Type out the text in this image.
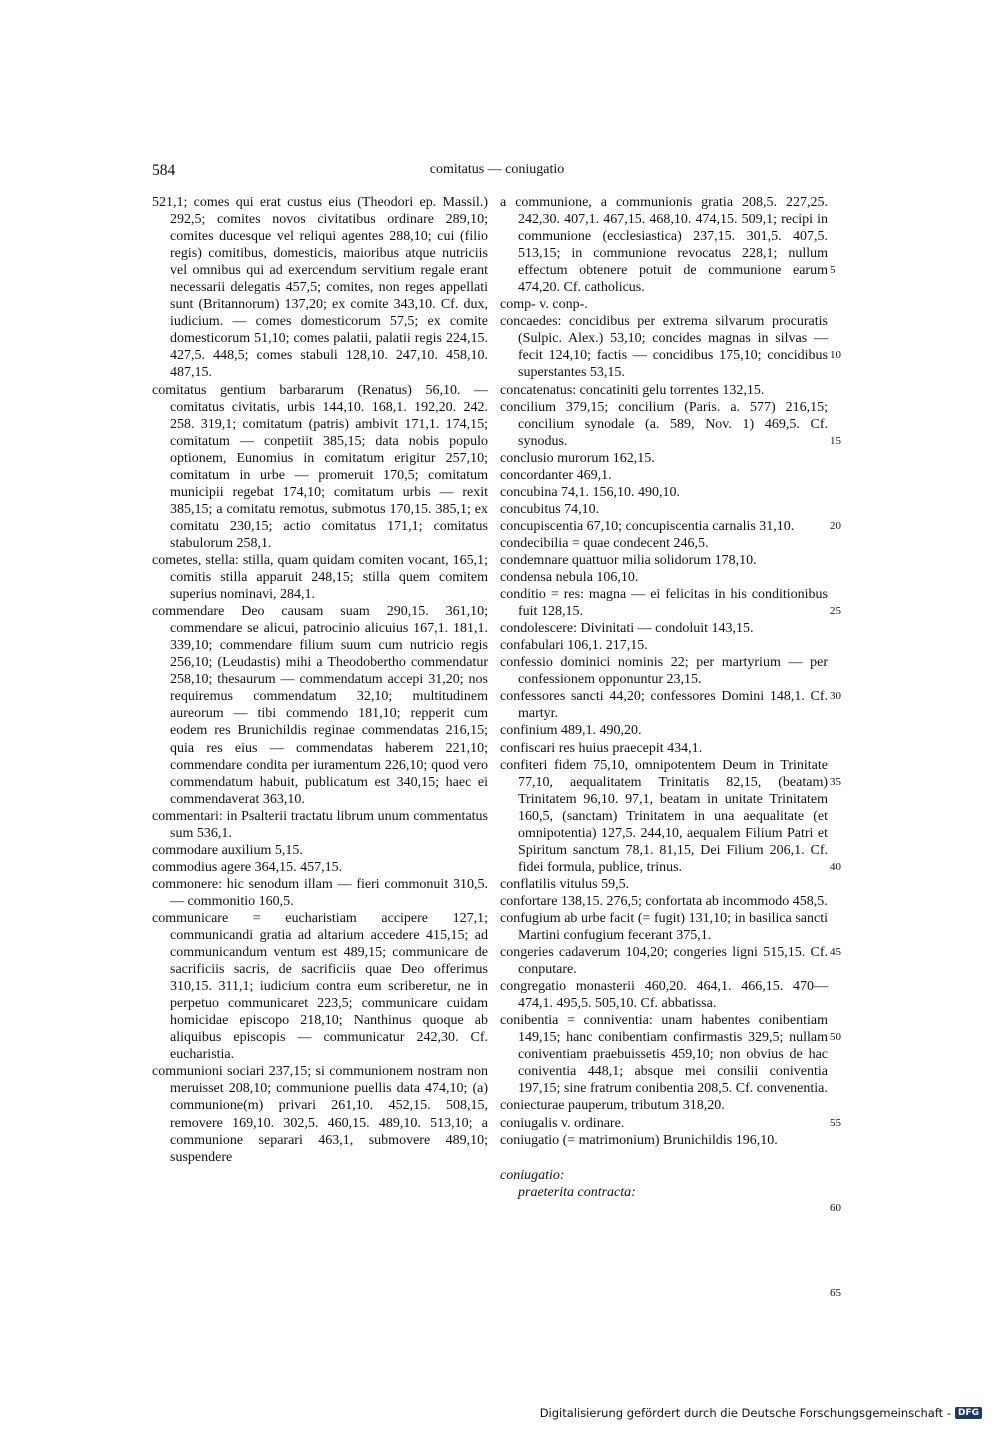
584	comitatus — coniugatio

521,1; comes qui erat custus eius (Theodori ep. Massil.) 292,5; comites novos civitatibus ordinare 289,10; comites ducesque vel reliqui agentes 288,10; cui (filio regis) comitibus, domesticis, maioribus atque nutriciis vel omnibus qui ad exercendum servitium regale erant necessarii delegatis 457,5; comites, non reges appellati sunt (Britannorum) 137,20; ex comite 343,10. Cf. dux, iudicium. — comes domesticorum 57,5; ex comite domesticorum 51,10; comes palatii, palatii regis 224,15. 427,5. 448,5; comes stabuli 128,10. 247,10. 458,10. 487,15.

comitatus gentium barbararum (Renatus) 56,10. — comitatus civitatis, urbis 144,10. 168,1. 192,20. 242. 258. 319,1; comitatum (patris) ambivit 171,1. 174,15; comitatum — conpetiit 385,15; data nobis populo optionem, Eunomius in comitatum erigitur 257,10; comitatum in urbe — promeruit 170,5; comitatum municipii regebat 174,10; comitatum urbis — rexit 385,15; a comitatu remotus, submotus 170,15. 385,1; ex comitatu 230,15; actio comitatus 171,1; comitatus stabulorum 258,1.

cometes, stella: stilla, quam quidam comiten vocant, 165,1; comitis stilla apparuit 248,15; stilla quem comitem superius nominavi, 284,1.

commendare Deo causam suam 290,15. 361,10; commendare se alicui, patrocinio alicuius 167,1. 181,1. 339,10; commendare filium suum cum nutricio regis 256,10; (Leudastis) mihi a Theodobertho commendatur 258,10; thesaurum — commendatum accepi 31,20; nos requiremus commendatum 32,10; multitudinem aureorum — tibi commendo 181,10; repperit cum eodem res Brunichildis reginae commendatas 216,15; quia res eius — commendatas haberem 221,10; commendare condita per iuramentum 226,10; quod vero commendatum habuit, publicatum est 340,15; haec ei commendaverat 363,10.

commentari: in Psalterii tractatu librum unum commentatus sum 536,1.

commodare auxilium 5,15.

commodius agere 364,15. 457,15.

commonere: hic senodum illam — fieri commonuit 310,5. — commonitio 160,5.

communicare = eucharistiam accipere 127,1; communicandi gratia ad altarium accedere 415,15; ad communicandum ventum est 489,15; communicare de sacrificiis sacris, de sacrificiis quae Deo offerimus 310,15. 311,1; iudicium contra eum scriberetur, ne in perpetuo communicaret 223,5; communicare cuidam homicidae episcopo 218,10; Nanthinus quoque ab aliquibus episcopis — communicatur 242,30. Cf. eucharistia.

communioni sociari 237,15; si communionem nostram non meruisset 208,10; communione puellis data 474,10; (a) communione(m) privari 261,10. 452,15. 508,15, removere 169,10. 302,5. 460,15. 489,10. 513,10; a communione separari 463,1, submovere 489,10; suspendere

a communione, a communionis gratia 208,5. 227,25. 242,30. 407,1. 467,15. 468,10. 474,15. 509,1; recipi in communione (ecclesiastica) 237,15. 301,5. 407,5. 513,15; in communione revocatus 228,1; nullum effectum obtenere potuit de communione earum 474,20. Cf. catholicus.

comp- v. conp-.

concaedes: concidibus per extrema silvarum procuratis (Sulpic. Alex.) 53,10; concides magnas in silvas — fecit 124,10; factis — concidibus 175,10; concidibus superstantes 53,15.

concatenatus: concatiniti gelu torrentes 132,15.

concilium 379,15; concilium (Paris. a. 577) 216,15; concilium synodale (a. 589, Nov. 1) 469,5. Cf. synodus.

conclusio murorum 162,15.

concordanter 469,1.

concubina 74,1. 156,10. 490,10.

concubitus 74,10.

concupiscentia 67,10; concupiscentia carnalis 31,10.

condecibilia = quae condecent 246,5.

condemnare quattuor milia solidorum 178,10.

condensa nebula 106,10.

conditio = res: magna — ei felicitas in his conditionibus fuit 128,15.

condolescere: Divinitati — condoluit 143,15.

confabulari 106,1. 217,15.

confessio dominici nominis 22; per martyrium — per confessionem opponuntur 23,15.

confessores sancti 44,20; confessores Domini 148,1. Cf. martyr.

confinium 489,1. 490,20.

confiscari res huius praecepit 434,1.

confiteri fidem 75,10, omnipotentem Deum in Trinitate 77,10, aequalitatem Trinitatis 82,15, (beatam) Trinitatem 96,10. 97,1, beatam in unitate Trinitatem 160,5, (sanctam) Trinitatem in una aequalitate (et omnipotentia) 127,5. 244,10, aequalem Filium Patri et Spiritum sanctum 78,1. 81,15, Dei Filium 206,1. Cf. fidei formula, publice, trinus.

conflatilis vitulus 59,5.

confortare 138,15. 276,5; confortata ab incommodo 458,5.

confugium ab urbe facit (= fugit) 131,10; in basilica sancti Martini confugium fecerant 375,1.

congeries cadaverum 104,20; congeries ligni 515,15. Cf. conputare.

congregatio monasterii 460,20. 464,1. 466,15. 470—474,1. 495,5. 505,10. Cf. abbatissa.

conibentia = conniventia: unam habentes conibentiam 149,15; hanc conibentiam confirmastis 329,5; nullam coniventiam praebuissetis 459,10; non obvius de hac coniventia 448,1; absque mei consilii coniventia 197,15; sine fratrum conibentia 208,5. Cf. convenentia.

coniecturae pauperum, tributum 318,20.

coniugalis v. ordinare.

coniugatio (= matrimonium) Brunichildis 196,10.

coniugatio:
praeterita contracta:
5
10
15
20
25
30
35
40
45
50
55
60
65
Digitalisierung gefördert durch die Deutsche Forschungsgemeinschaft - DFG
